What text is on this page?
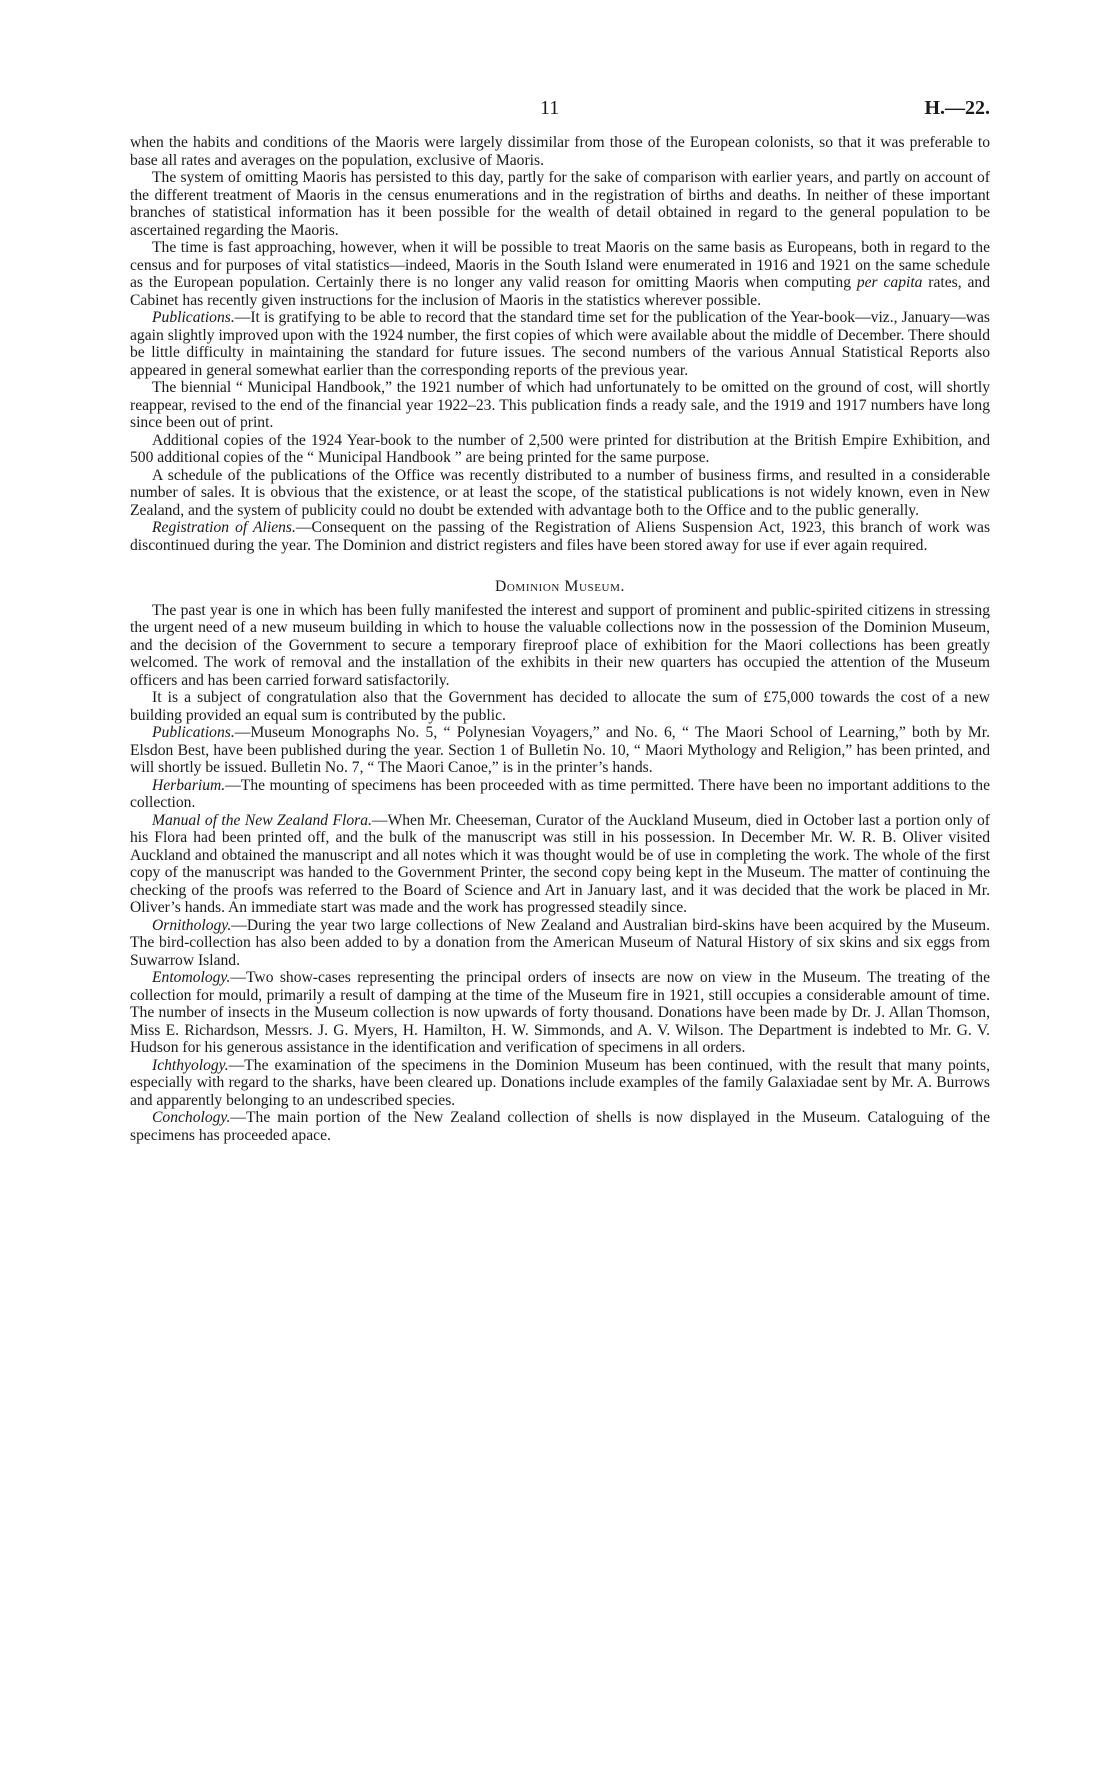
11	H.—22.

when the habits and conditions of the Maoris were largely dissimilar from those of the European colonists, so that it was preferable to base all rates and averages on the population, exclusive of Maoris.

The system of omitting Maoris has persisted to this day, partly for the sake of comparison with earlier years, and partly on account of the different treatment of Maoris in the census enumerations and in the registration of births and deaths. In neither of these important branches of statistical information has it been possible for the wealth of detail obtained in regard to the general population to be ascertained regarding the Maoris.

The time is fast approaching, however, when it will be possible to treat Maoris on the same basis as Europeans, both in regard to the census and for purposes of vital statistics—indeed, Maoris in the South Island were enumerated in 1916 and 1921 on the same schedule as the European population. Certainly there is no longer any valid reason for omitting Maoris when computing per capita rates, and Cabinet has recently given instructions for the inclusion of Maoris in the statistics wherever possible.

Publications.—It is gratifying to be able to record that the standard time set for the publication of the Year-book—viz., January—was again slightly improved upon with the 1924 number, the first copies of which were available about the middle of December. There should be little difficulty in maintaining the standard for future issues. The second numbers of the various Annual Statistical Reports also appeared in general somewhat earlier than the corresponding reports of the previous year.

The biennial “ Municipal Handbook,” the 1921 number of which had unfortunately to be omitted on the ground of cost, will shortly reappear, revised to the end of the financial year 1922–23. This publication finds a ready sale, and the 1919 and 1917 numbers have long since been out of print.

Additional copies of the 1924 Year-book to the number of 2,500 were printed for distribution at the British Empire Exhibition, and 500 additional copies of the “ Municipal Handbook ” are being printed for the same purpose.

A schedule of the publications of the Office was recently distributed to a number of business firms, and resulted in a considerable number of sales. It is obvious that the existence, or at least the scope, of the statistical publications is not widely known, even in New Zealand, and the system of publicity could no doubt be extended with advantage both to the Office and to the public generally.

Registration of Aliens.—Consequent on the passing of the Registration of Aliens Suspension Act, 1923, this branch of work was discontinued during the year. The Dominion and district registers and files have been stored away for use if ever again required.

Dominion Museum.

The past year is one in which has been fully manifested the interest and support of prominent and public-spirited citizens in stressing the urgent need of a new museum building in which to house the valuable collections now in the possession of the Dominion Museum, and the decision of the Government to secure a temporary fireproof place of exhibition for the Maori collections has been greatly welcomed. The work of removal and the installation of the exhibits in their new quarters has occupied the attention of the Museum officers and has been carried forward satisfactorily.

It is a subject of congratulation also that the Government has decided to allocate the sum of £75,000 towards the cost of a new building provided an equal sum is contributed by the public.

Publications.—Museum Monographs No. 5, “ Polynesian Voyagers,” and No. 6, “ The Maori School of Learning,” both by Mr. Elsdon Best, have been published during the year. Section 1 of Bulletin No. 10, “ Maori Mythology and Religion,” has been printed, and will shortly be issued. Bulletin No. 7, “ The Maori Canoe,” is in the printer’s hands.

Herbarium.—The mounting of specimens has been proceeded with as time permitted. There have been no important additions to the collection.

Manual of the New Zealand Flora.—When Mr. Cheeseman, Curator of the Auckland Museum, died in October last a portion only of his Flora had been printed off, and the bulk of the manuscript was still in his possession. In December Mr. W. R. B. Oliver visited Auckland and obtained the manuscript and all notes which it was thought would be of use in completing the work. The whole of the first copy of the manuscript was handed to the Government Printer, the second copy being kept in the Museum. The matter of continuing the checking of the proofs was referred to the Board of Science and Art in January last, and it was decided that the work be placed in Mr. Oliver’s hands. An immediate start was made and the work has progressed steadily since.

Ornithology.—During the year two large collections of New Zealand and Australian bird-skins have been acquired by the Museum. The bird-collection has also been added to by a donation from the American Museum of Natural History of six skins and six eggs from Suwarrow Island.

Entomology.—Two show-cases representing the principal orders of insects are now on view in the Museum. The treating of the collection for mould, primarily a result of damping at the time of the Museum fire in 1921, still occupies a considerable amount of time. The number of insects in the Museum collection is now upwards of forty thousand. Donations have been made by Dr. J. Allan Thomson, Miss E. Richardson, Messrs. J. G. Myers, H. Hamilton, H. W. Simmonds, and A. V. Wilson. The Department is indebted to Mr. G. V. Hudson for his generous assistance in the identification and verification of specimens in all orders.

Ichthyology.—The examination of the specimens in the Dominion Museum has been continued, with the result that many points, especially with regard to the sharks, have been cleared up. Donations include examples of the family Galaxiadae sent by Mr. A. Burrows and apparently belonging to an undescribed species.

Conchology.—The main portion of the New Zealand collection of shells is now displayed in the Museum. Cataloguing of the specimens has proceeded apace.
